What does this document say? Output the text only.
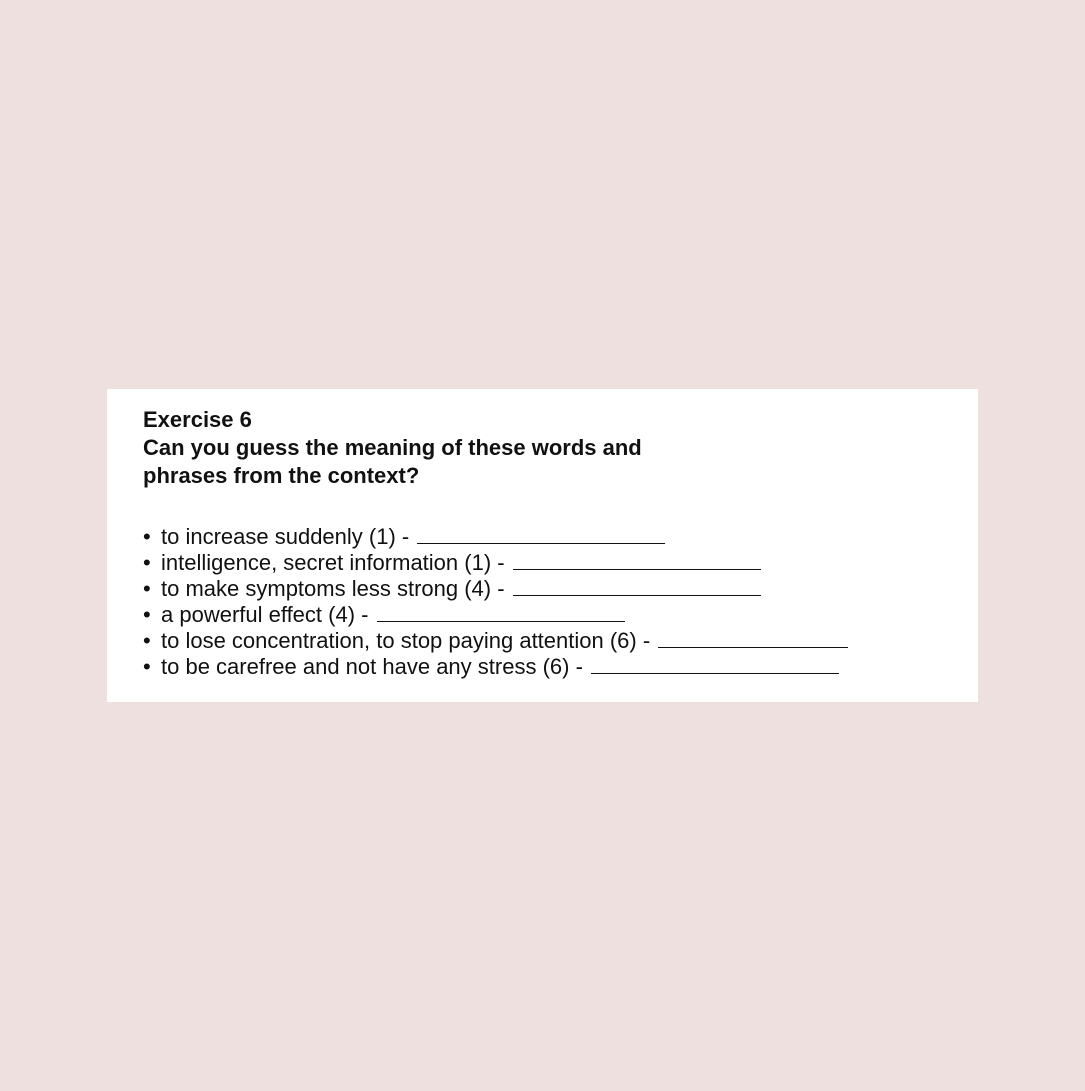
Exercise 6

Can you guess the meaning of these words and phrases from the context?

• to increase suddenly (1) -
• intelligence, secret information (1) -
• to make symptoms less strong (4) -
• a powerful effect (4) -
• to lose concentration, to stop paying attention (6) -
• to be carefree and not have any stress (6) -
